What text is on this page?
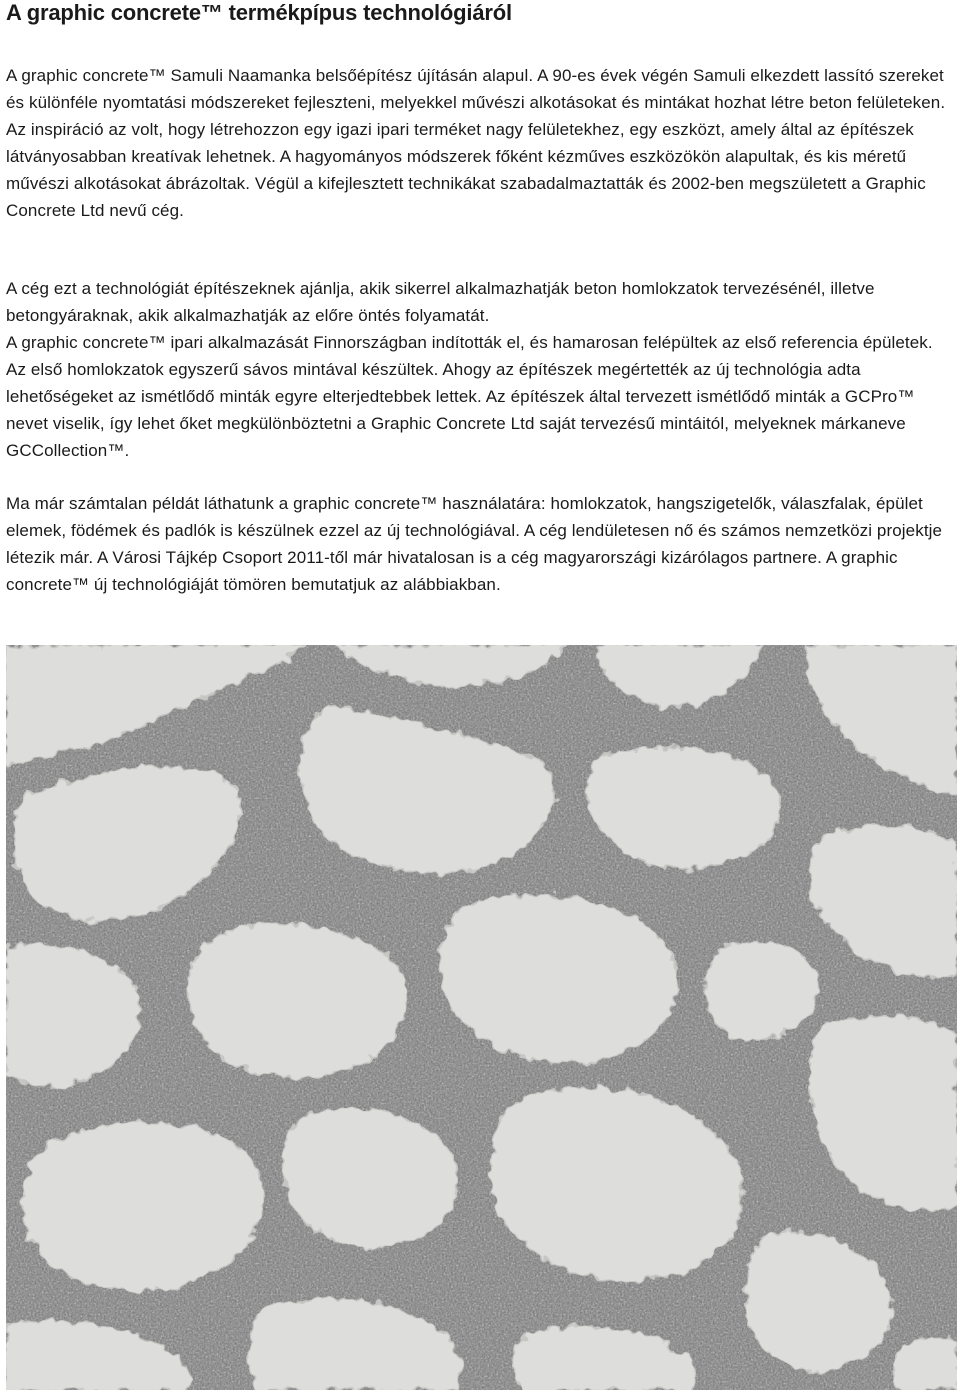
A graphic concrete™ termékpípus technológiáról

A graphic concrete™ Samuli Naamanka belsőépítész újításán alapul. A 90-es évek végén Samuli elkezdett lassító szereket és különféle nyomtatási módszereket fejleszteni, melyekkel művészi alkotásokat és mintákat hozhat létre beton felületeken.

Az inspiráció az volt, hogy létrehozzon egy igazi ipari terméket nagy felületekhez, egy eszközt, amely által az építészek látványosabban kreatívak lehetnek. A hagyományos módszerek főként kézműves eszközökön alapultak, és kis méretű művészi alkotásokat ábrázoltak. Végül a kifejlesztett technikákat szabadalmaztatták és 2002-ben megszületett a Graphic Concrete Ltd nevű cég.

A cég ezt a technológiát építészeknek ajánlja, akik sikerrel alkalmazhatják beton homlokzatok tervezésénél, illetve betongyáraknak, akik alkalmazhatják az előre öntés folyamatát.

A graphic concrete™ ipari alkalmazását Finnországban indították el, és hamarosan felépültek az első referencia épületek. Az első homlokzatok egyszerű sávos mintával készültek. Ahogy az építészek megértették az új technológia adta lehetőségeket az ismétlődő minták egyre elterjedtebbek lettek. Az építészek által tervezett ismétlődő minták a GCPro™ nevet viselik, így lehet őket megkülönböztetni a Graphic Concrete Ltd saját tervezésű mintáitól, melyeknek márkaneve GCCollection™.

Ma már számtalan példát láthatunk a graphic concrete™ használatára: homlokzatok, hangszigetelők, válaszfalak, épület elemek, födémek és padlók is készülnek ezzel az új technológiával. A cég lendületesen nő és számos nemzetközi projektje létezik már. A Városi Tájkép Csoport 2011-től már hivatalosan is a cég magyarországi kizárólagos partnere. A graphic concrete™ új technológiáját tömören bemutatjuk az alábbiakban.
